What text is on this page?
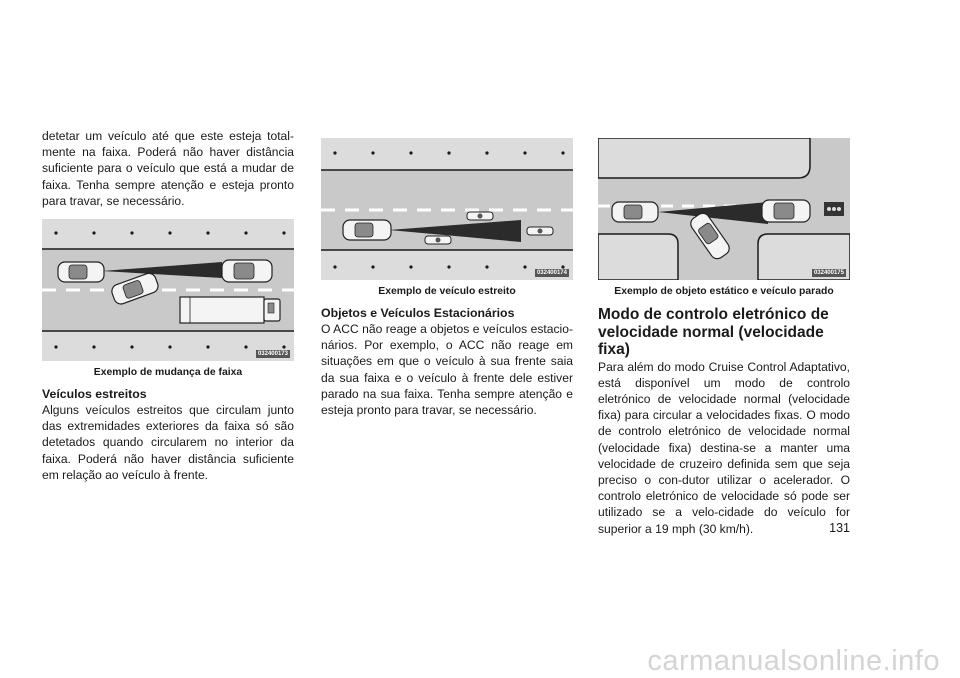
detetar um veículo até que este esteja total-mente na faixa. Poderá não haver distância suficiente para o veículo que está a mudar de faixa. Tenha sempre atenção e esteja pronto para travar, se necessário.

032400173
Exemplo de mudança de faixa
Veículos estreitos

Alguns veículos estreitos que circulam junto das extremidades exteriores da faixa só são detetados quando circularem no interior da faixa. Poderá não haver distância suficiente em relação ao veículo à frente.

032400174
Exemplo de veículo estreito
Objetos e Veículos Estacionários

O ACC não reage a objetos e veículos estacio-nários. Por exemplo, o ACC não reage em situações em que o veículo à sua frente saia da sua faixa e o veículo à frente dele estiver parado na sua faixa. Tenha sempre atenção e esteja pronto para travar, se necessário.

032400175
Exemplo de objeto estático e veículo parado
Modo de controlo eletrónico de velocidade normal (velocidade fixa)

Para além do modo Cruise Control Adaptativo, está disponível um modo de controlo eletrónico de velocidade normal (velocidade fixa) para circular a velocidades fixas. O modo de controlo eletrónico de velocidade normal (velocidade fixa) destina-se a manter uma velocidade de cruzeiro definida sem que seja preciso o con-dutor utilizar o acelerador. O controlo eletrónico de velocidade só pode ser utilizado se a velo-cidade do veículo for superior a 19 mph (30 km/h).	131
carmanualsonline.info
